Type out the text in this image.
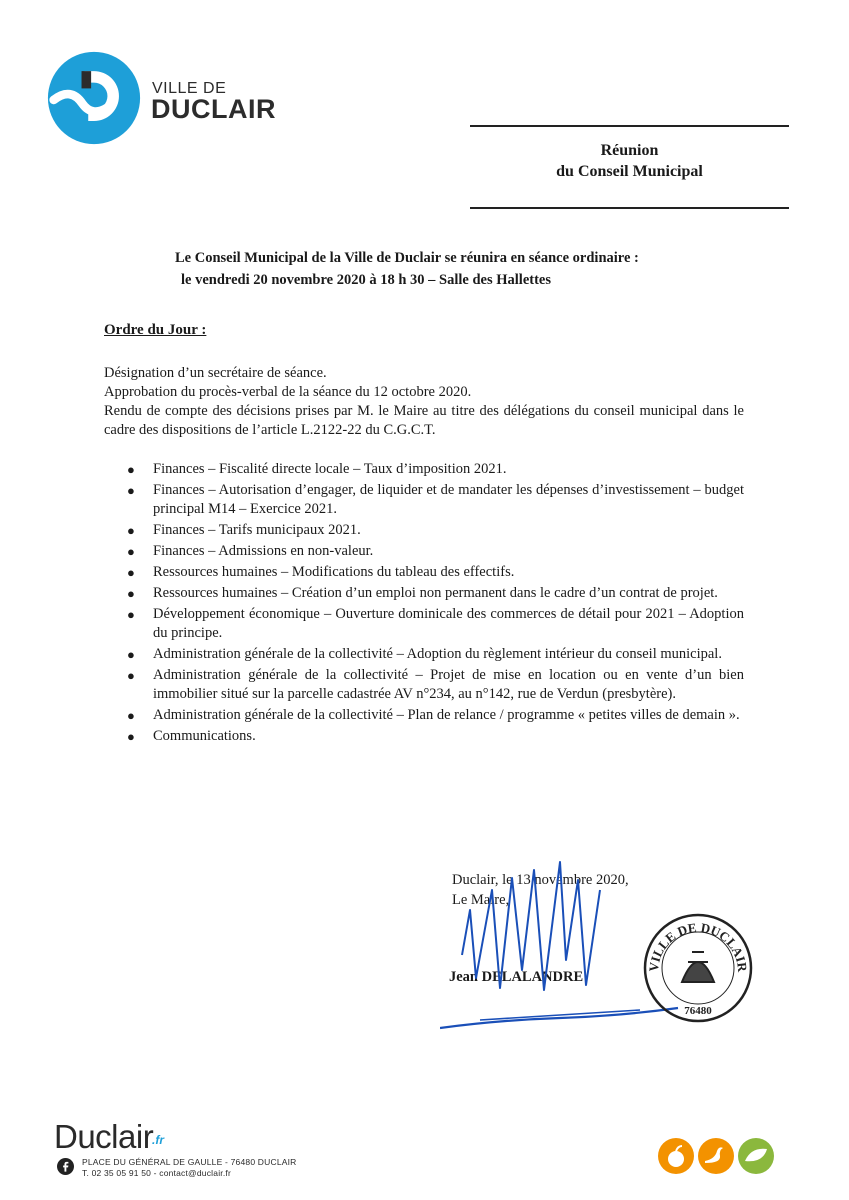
VILLE DE
DUCLAIR
Réunion
du Conseil Municipal
Le Conseil Municipal de la Ville de Duclair se réunira en séance ordinaire :
le vendredi 20 novembre 2020 à 18 h 30 – Salle des Hallettes
Ordre du Jour :

Désignation d’un secrétaire de séance.

Approbation du procès-verbal de la séance du 12 octobre 2020.

Rendu de compte des décisions prises par M. le Maire au titre des délégations du conseil municipal dans le cadre des dispositions de l’article L.2122-22 du C.G.C.T.

● Finances – Fiscalité directe locale – Taux d’imposition 2021.
● Finances – Autorisation d’engager, de liquider et de mandater les dépenses d’investissement – budget principal M14 – Exercice 2021.
● Finances – Tarifs municipaux 2021.
● Finances – Admissions en non-valeur.
● Ressources humaines – Modifications du tableau des effectifs.
● Ressources humaines – Création d’un emploi non permanent dans le cadre d’un contrat de projet.
● Développement économique – Ouverture dominicale des commerces de détail pour 2021 – Adoption du principe.
● Administration générale de la collectivité – Adoption du règlement intérieur du conseil municipal.
● Administration générale de la collectivité – Projet de mise en location ou en vente d’un bien immobilier situé sur la parcelle cadastrée AV n°234, au n°142, rue de Verdun (presbytère).
● Administration générale de la collectivité – Plan de relance / programme « petites villes de demain ».
● Communications.
Duclair, le 13 novembre 2020,
Le Maire,
Jean DELALANDRE
VILLE DE DUCLAIR
76480
Duclair
.fr
PLACE DU GÉNÉRAL DE GAULLE - 76480 DUCLAIR
T. 02 35 05 91 50 - contact@duclair.fr
